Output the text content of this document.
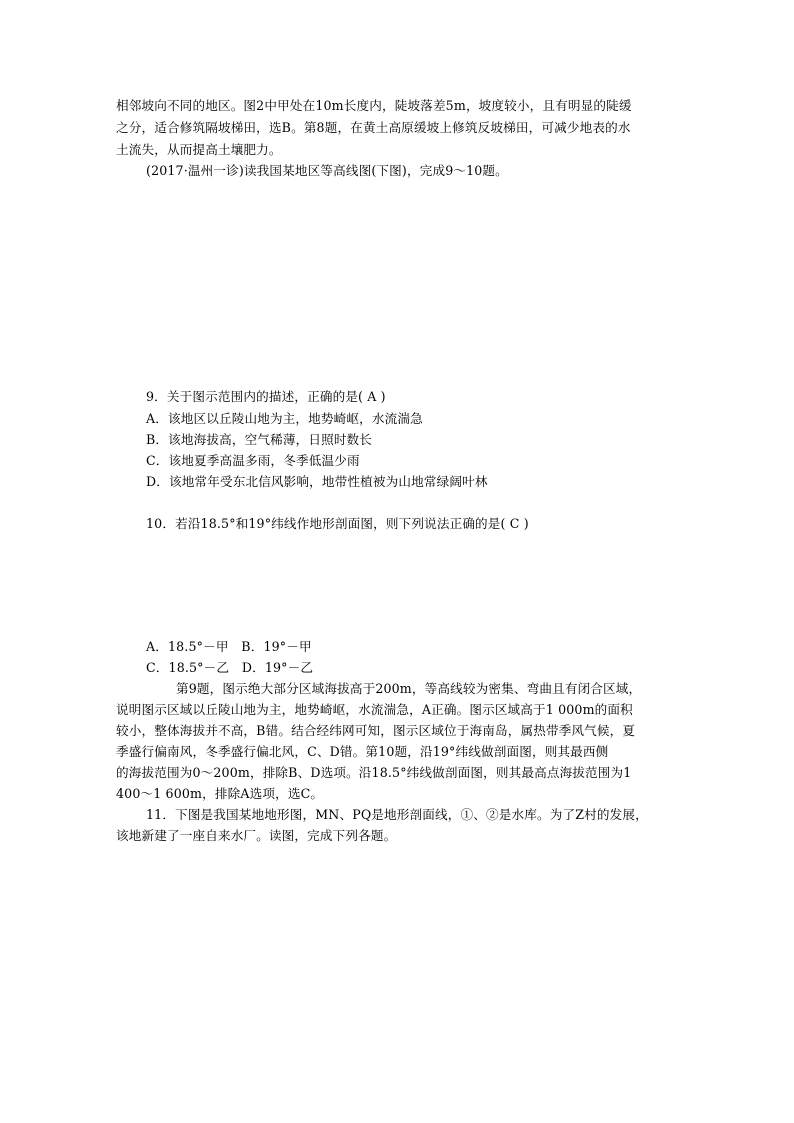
相邻坡向不同的地区。图2中甲处在10m长度内，陡坡落差5m，坡度较小，且有明显的陡缓
之分，适合修筑隔坡梯田，选B。第8题，在黄土高原缓坡上修筑反坡梯田，可减少地表的水
土流失，从而提高土壤肥力。
(2017·温州一诊)读我国某地区等高线图(下图)，完成9～10题。
9．关于图示范围内的描述，正确的是( A )
A．该地区以丘陵山地为主，地势崎岖，水流湍急
B．该地海拔高，空气稀薄，日照时数长
C．该地夏季高温多雨，冬季低温少雨
D．该地常年受东北信风影响，地带性植被为山地常绿阔叶林
10．若沿18.5°和19°纬线作地形剖面图，则下列说法正确的是( C )
A．18.5°－甲　B．19°－甲
C．18.5°－乙　D．19°－乙
第9题，图示绝大部分区域海拔高于200m，等高线较为密集、弯曲且有闭合区域，
说明图示区域以丘陵山地为主，地势崎岖，水流湍急，A正确。图示区域高于1 000m的面积
较小，整体海拔并不高，B错。结合经纬网可知，图示区域位于海南岛，属热带季风气候，夏
季盛行偏南风，冬季盛行偏北风，C、D错。第10题，沿19°纬线做剖面图，则其最西侧
的海拔范围为0～200m，排除B、D选项。沿18.5°纬线做剖面图，则其最高点海拔范围为1
400～1 600m，排除A选项，选C。
11．下图是我国某地地形图，MN、PQ是地形剖面线，①、②是水库。为了Z村的发展，
该地新建了一座自来水厂。读图，完成下列各题。
